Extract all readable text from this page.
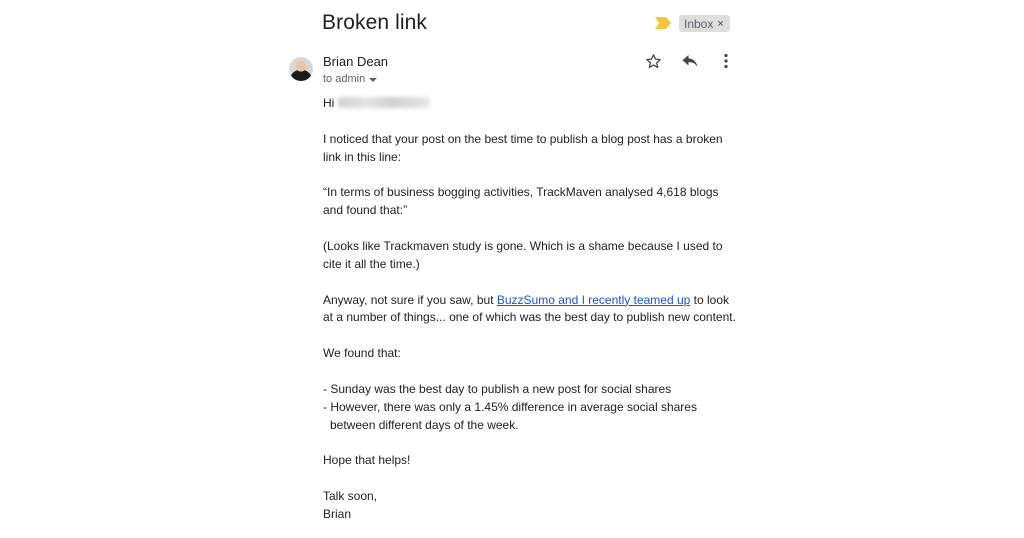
Broken link	Inbox ×
Brian Dean
to admin

Hi

I noticed that your post on the best time to publish a blog post has a broken

link in this line:

“In terms of business bogging activities, TrackMaven analysed 4,618 blogs

and found that:”

(Looks like Trackmaven study is gone. Which is a shame because I used to

cite it all the time.)

Anyway, not sure if you saw, but BuzzSumo and I recently teamed up to look

at a number of things... one of which was the best day to publish new content.

We found that:

- Sunday was the best day to publish a new post for social shares

- However, there was only a 1.45% difference in average social shares

between different days of the week.

Hope that helps!

Talk soon,

Brian
